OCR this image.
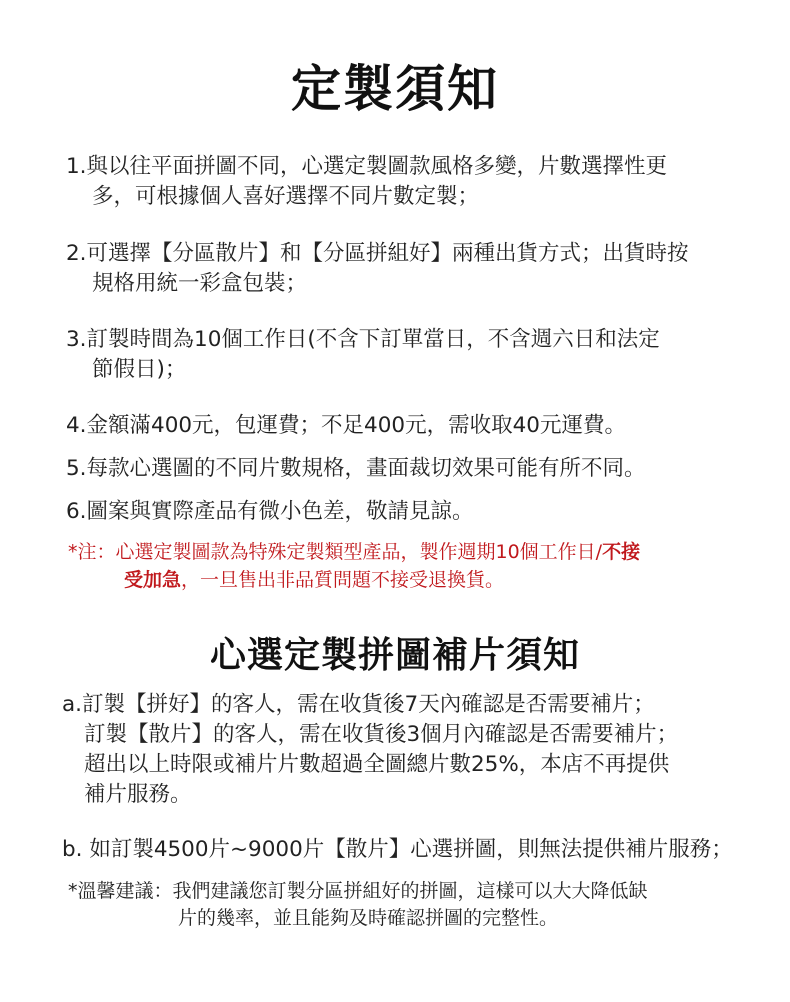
定製須知
1.與以往平面拼圖不同，心選定製圖款風格多變，片數選擇性更
多，可根據個人喜好選擇不同片數定製；
2.可選擇【分區散片】和【分區拼組好】兩種出貨方式；出貨時按
規格用統一彩盒包裝；
3.訂製時間為10個工作日(不含下訂單當日，不含週六日和法定
節假日)；
4.金額滿400元，包運費；不足400元，需收取40元運費。
5.每款心選圖的不同片數規格，畫面裁切效果可能有所不同。
6.圖案與實際產品有微小色差，敬請見諒。
*注：心選定製圖款為特殊定製類型產品，製作週期10個工作日/不接
受加急，一旦售出非品質問題不接受退換貨。
心選定製拼圖補片須知
a.訂製【拼好】的客人，需在收貨後7天內確認是否需要補片；
訂製【散片】的客人，需在收貨後3個月內確認是否需要補片；
超出以上時限或補片片數超過全圖總片數25%，本店不再提供
補片服務。
b. 如訂製4500片~9000片【散片】心選拼圖，則無法提供補片服務；
*溫馨建議：我們建議您訂製分區拼組好的拼圖，這樣可以大大降低缺
片的幾率，並且能夠及時確認拼圖的完整性。
